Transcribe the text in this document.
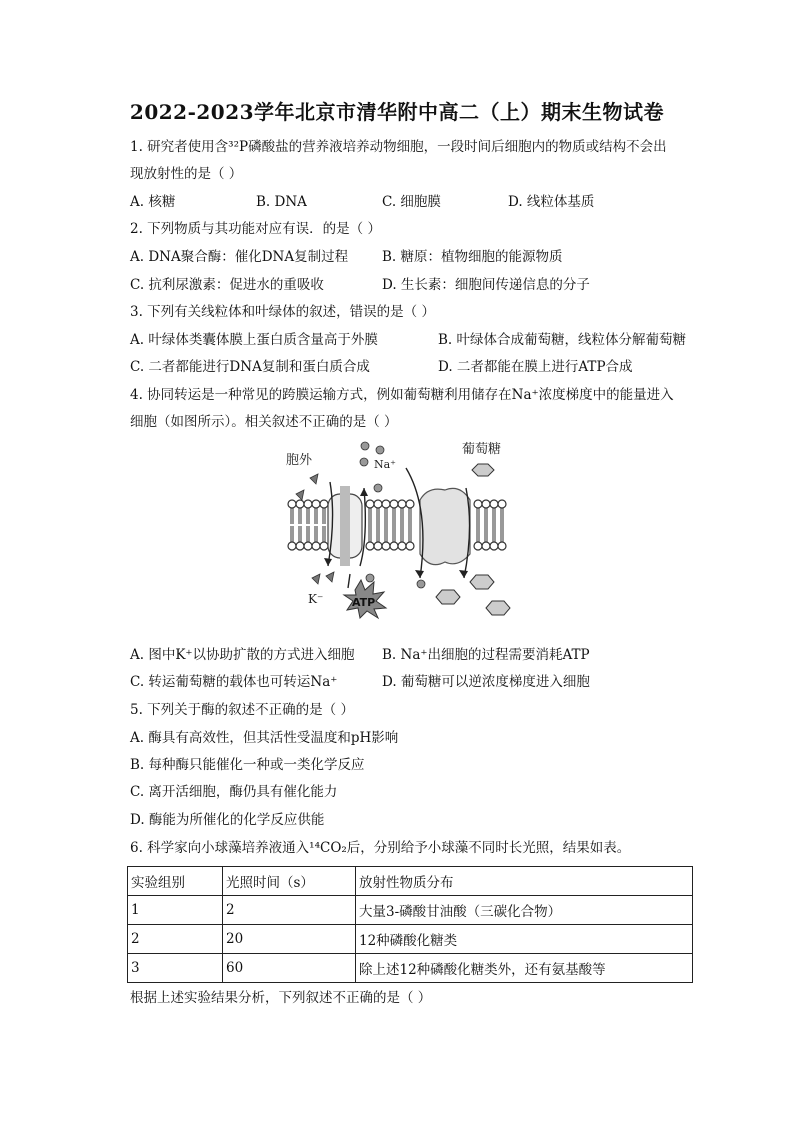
2022-2023学年北京市清华附中高二（上）期末生物试卷
1. 研究者使用含³²P磷酸盐的营养液培养动物细胞，一段时间后细胞内的物质或结构不会出
现放射性的是（ ）
A. 核糖	B. DNA	C. 细胞膜	D. 线粒体基质
2. 下列物质与其功能对应有误．的是（ ）
A. DNA聚合酶：催化DNA复制过程	B. 糖原：植物细胞的能源物质
C. 抗利尿激素：促进水的重吸收	D. 生长素：细胞间传递信息的分子
3. 下列有关线粒体和叶绿体的叙述，错误的是（ ）
A. 叶绿体类囊体膜上蛋白质含量高于外膜	B. 叶绿体合成葡萄糖，线粒体分解葡萄糖
C. 二者都能进行DNA复制和蛋白质合成	D. 二者都能在膜上进行ATP合成
4. 协同转运是一种常见的跨膜运输方式，例如葡萄糖利用储存在Na⁺浓度梯度中的能量进入
细胞（如图所示）。相关叙述不正确的是（ ）
胞外	Na⁺
葡萄糖
K⁻	ATP
A. 图中K⁺以协助扩散的方式进入细胞 B. Na⁺出细胞的过程需要消耗ATP
C. 转运葡萄糖的载体也可转运Na⁺	D. 葡萄糖可以逆浓度梯度进入细胞
5. 下列关于酶的叙述不正确的是（ ）
A. 酶具有高效性，但其活性受温度和pH影响
B. 每种酶只能催化一种或一类化学反应
C. 离开活细胞，酶仍具有催化能力
D. 酶能为所催化的化学反应供能
6. 科学家向小球藻培养液通入¹⁴CO₂后，分别给予小球藻不同时长光照，结果如表。
实验组别	光照时间（s）	放射性物质分布
1	2	大量3-磷酸甘油酸（三碳化合物）
2	20	12种磷酸化糖类
3	60	除上述12种磷酸化糖类外，还有氨基酸等
根据上述实验结果分析，下列叙述不正确的是（ ）
